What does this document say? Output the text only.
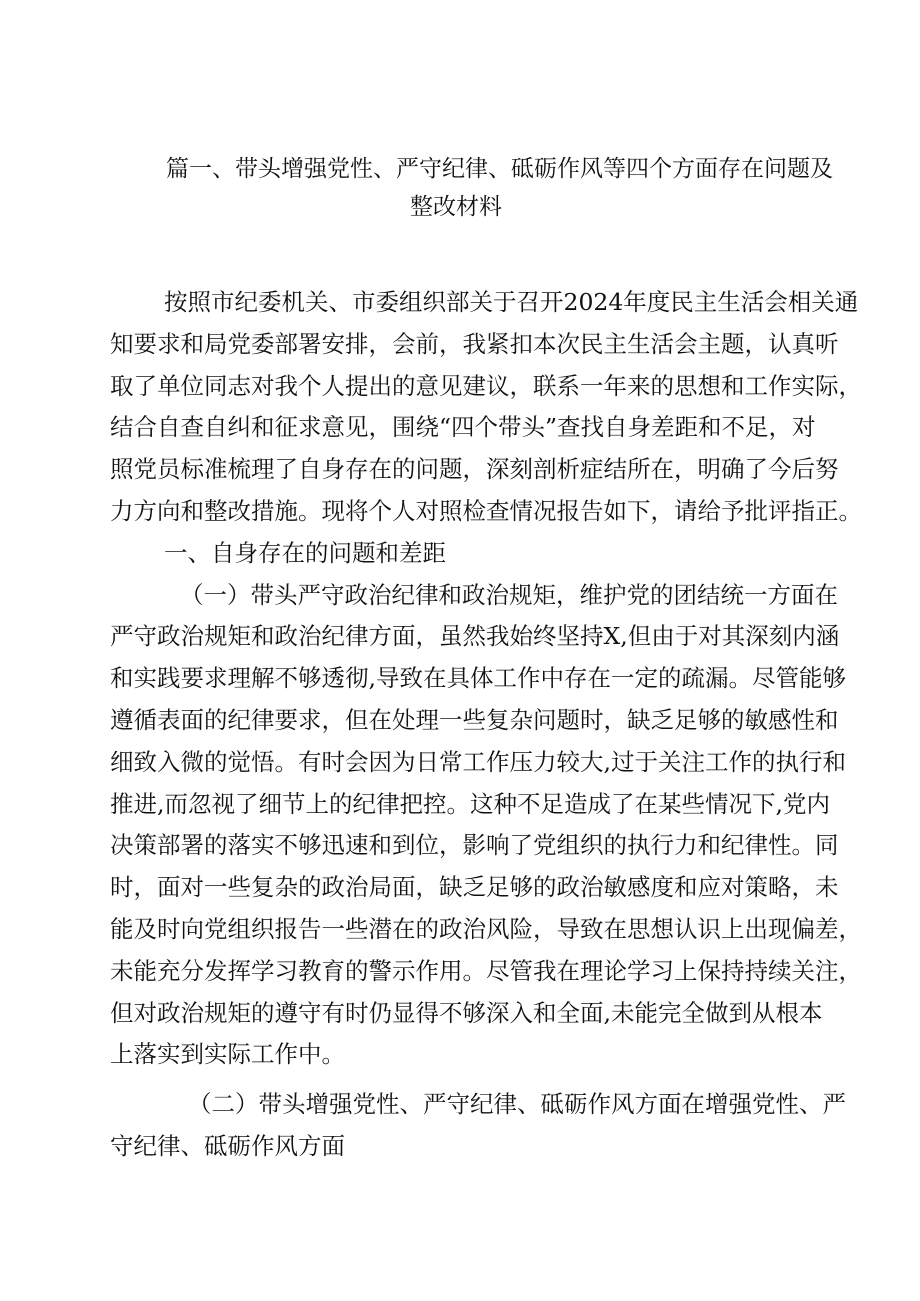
篇一、带头增强党性、严守纪律、砥砺作风等四个方面存在问题及
整改材料
按照市纪委机关、市委组织部关于召开2024年度民主生活会相关通
知要求和局党委部署安排，会前，我紧扣本次民主生活会主题，认真听
取了单位同志对我个人提出的意见建议，联系一年来的思想和工作实际，
结合自查自纠和征求意见，围绕“四个带头”查找自身差距和不足，对
照党员标准梳理了自身存在的问题，深刻剖析症结所在，明确了今后努
力方向和整改措施。现将个人对照检查情况报告如下，请给予批评指正。
一、自身存在的问题和差距
（一）带头严守政治纪律和政治规矩，维护党的团结统一方面在
严守政治规矩和政治纪律方面，虽然我始终坚持X,但由于对其深刻内涵
和实践要求理解不够透彻,导致在具体工作中存在一定的疏漏。尽管能够
遵循表面的纪律要求，但在处理一些复杂问题时，缺乏足够的敏感性和
细致入微的觉悟。有时会因为日常工作压力较大,过于关注工作的执行和
推进,而忽视了细节上的纪律把控。这种不足造成了在某些情况下,党内
决策部署的落实不够迅速和到位，影响了党组织的执行力和纪律性。同
时，面对一些复杂的政治局面，缺乏足够的政治敏感度和应对策略，未
能及时向党组织报告一些潜在的政治风险，导致在思想认识上出现偏差，
未能充分发挥学习教育的警示作用。尽管我在理论学习上保持持续关注，
但对政治规矩的遵守有时仍显得不够深入和全面,未能完全做到从根本
上落实到实际工作中。
（二）带头增强党性、严守纪律、砥砺作风方面在增强党性、严
守纪律、砥砺作风方面
